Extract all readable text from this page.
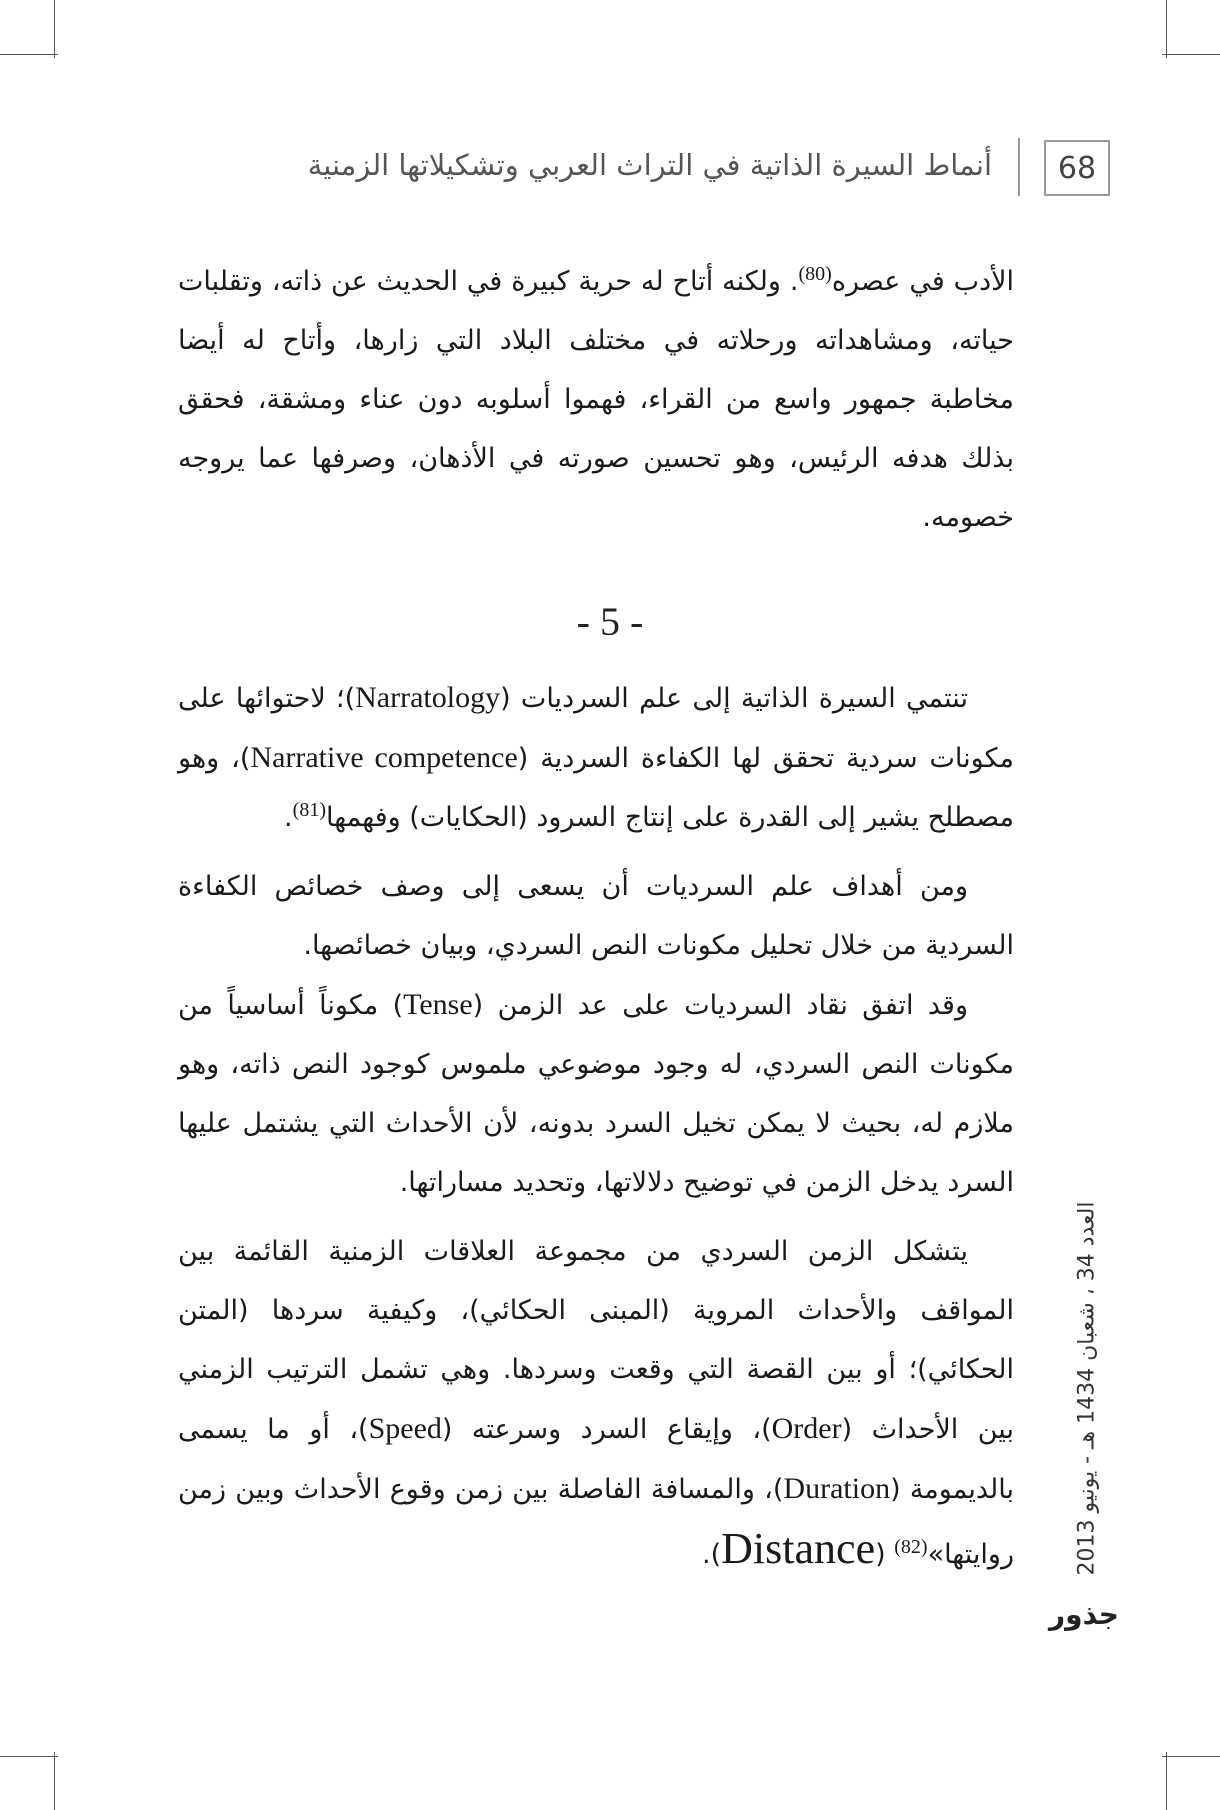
68
أنماط السيرة الذاتية في التراث العربي وتشكيلاتها الزمنية

الأدب في عصره$^{(80)}$. ولكنه أتاح له حرية كبيرة في الحديث عن ذاته، وتقلبات حياته، ومشاهداته ورحلاته في مختلف البلاد التي زارها، وأتاح له أيضا مخاطبة جمهور واسع من القراء، فهموا أسلوبه دون عناء ومشقة، فحقق بذلك هدفه الرئيس، وهو تحسين صورته في الأذهان، وصرفها عما يروجه خصومه.

- 5 -

تنتمي السيرة الذاتية إلى علم السرديات (Narratology)؛ لاحتوائها على مكونات سردية تحقق لها الكفاءة السردية (Narrative competence)، وهو مصطلح يشير إلى القدرة على إنتاج السرود (الحكايات) وفهمها$^{(81)}$.

ومن أهداف علم السرديات أن يسعى إلى وصف خصائص الكفاءة السردية من خلال تحليل مكونات النص السردي، وبيان خصائصها.

وقد اتفق نقاد السرديات على عد الزمن (Tense) مكوناً أساسياً من مكونات النص السردي، له وجود موضوعي ملموس كوجود النص ذاته، وهو ملازم له، بحيث لا يمكن تخيل السرد بدونه، لأن الأحداث التي يشتمل عليها السرد يدخل الزمن في توضيح دلالاتها، وتحديد مساراتها.

يتشكل الزمن السردي من مجموعة العلاقات الزمنية القائمة بين المواقف والأحداث المروية (المبنى الحكائي)، وكيفية سردها (المتن الحكائي)؛ أو بين القصة التي وقعت وسردها. وهي تشمل الترتيب الزمني بين الأحداث (Order)، وإيقاع السرد وسرعته (Speed)، أو ما يسمى بالديمومة (Duration)، والمسافة الفاصلة بين زمن وقوع الأحداث وبين زمن روايتها»$^{(82)}$ (Distance).	العدد 34 ، شعبان 1434 هـ - يونيو 2013
جذور
